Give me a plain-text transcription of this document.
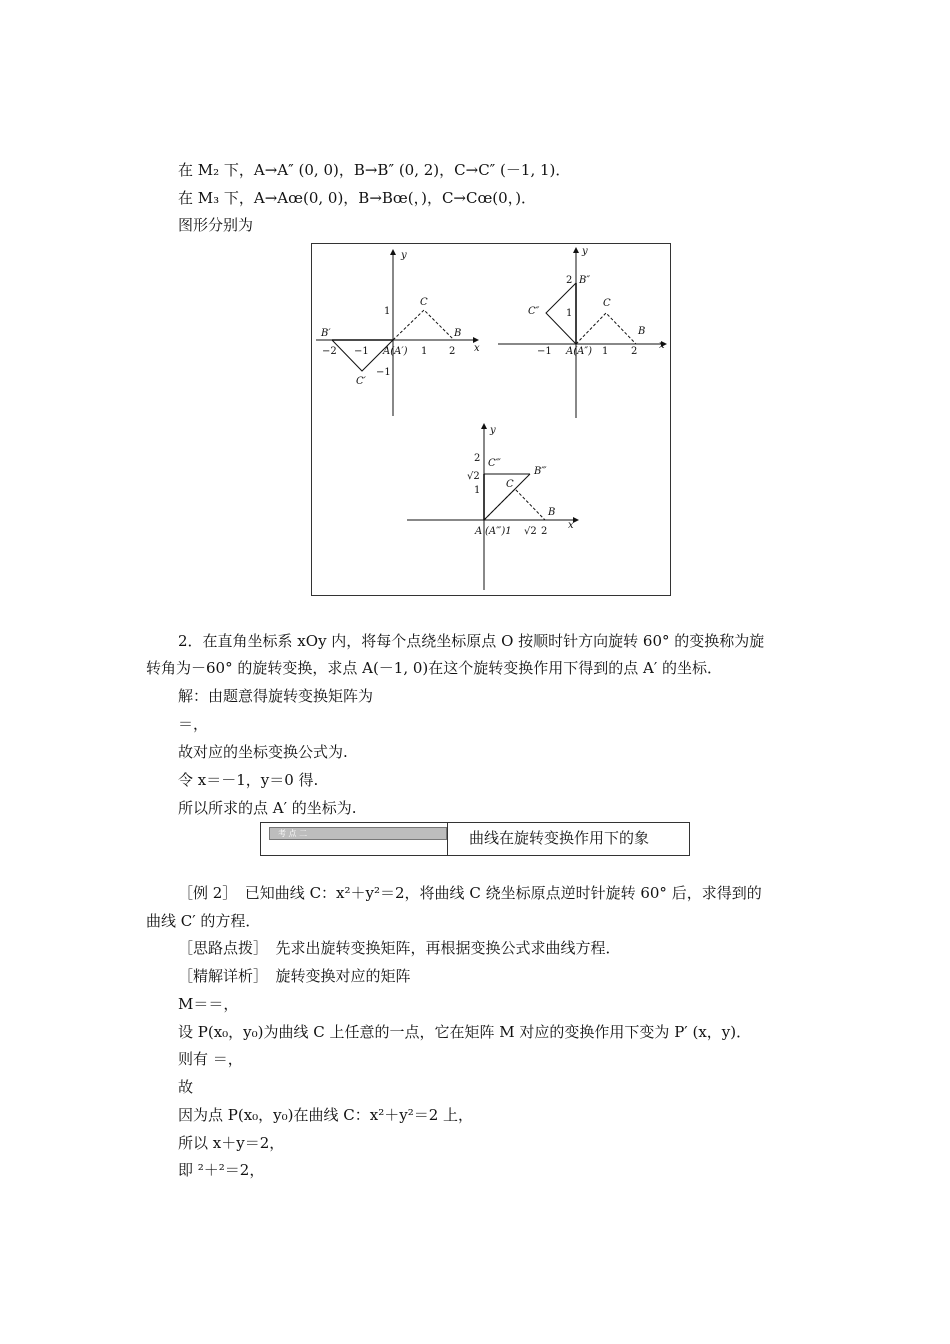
在 M₂ 下，A→A″ (0, 0)，B→B″ (0, 2)，C→C″ (－1, 1)．
在 M₃ 下，A→Aœ(0, 0)，B→Bœ(，)，C→Cœ(0，)．
图形分别为
y
x
1
−1
−2 −1	1 2
B′
C
B
C′
A(A′)
y
x
2
1
−1	1 2
B″
C″
C
B
A(A″)
y
x
2
√2
1
C‴
B‴
C
B
A (A‴)1 √2 2
2．在直角坐标系 xOy 内，将每个点绕坐标原点 O 按顺时针方向旋转 60° 的变换称为旋
转角为－60° 的旋转变换，求点 A(－1, 0)在这个旋转变换作用下得到的点 A′ 的坐标．
解：由题意得旋转变换矩阵为
＝，
故对应的坐标变换公式为.
令 x＝－1，y＝0 得.
所以所求的点 A′ 的坐标为.
考 点 二	曲线在旋转变换作用下的象
［例 2］　已知曲线 C：x²＋y²＝2，将曲线 C 绕坐标原点逆时针旋转 60° 后，求得到的
曲线 C′ 的方程．
［思路点拨］　先求出旋转变换矩阵，再根据变换公式求曲线方程．
［精解详析］　旋转变换对应的矩阵
M＝＝，
设 P(x₀，y₀)为曲线 C 上任意的一点，它在矩阵 M 对应的变换作用下变为 P′ (x，y)．
则有 ＝，
故
因为点 P(x₀，y₀)在曲线 C：x²＋y²＝2 上，
所以 x＋y＝2，
即 ²＋²＝2，
